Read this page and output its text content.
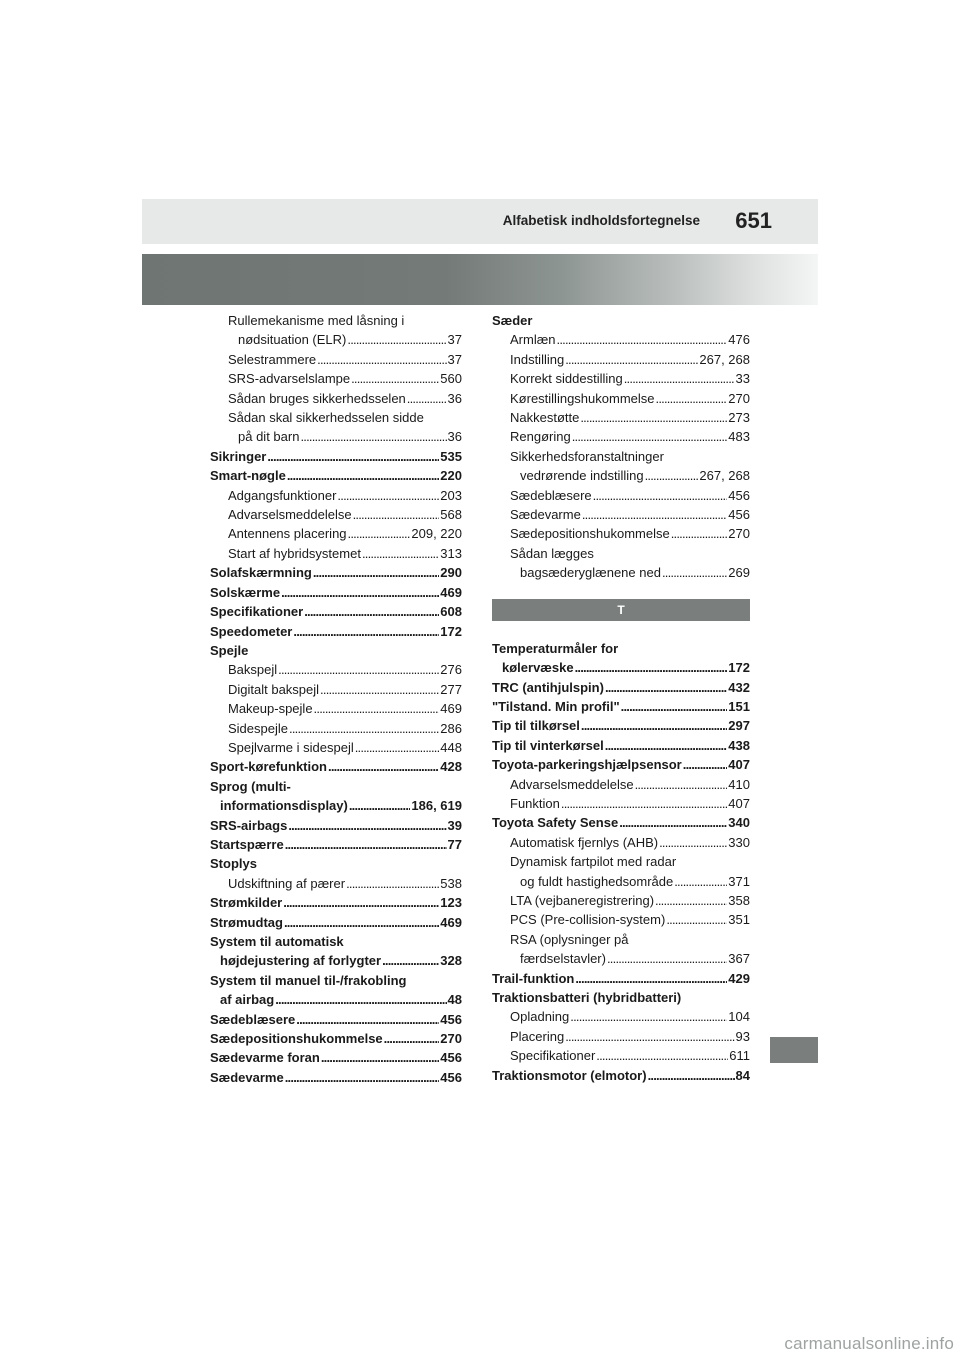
Alfabetisk indholdsfortegnelse 651
Rullemekanisme med låsning i
nødsituation (ELR) . . .	37
Selestrammere . . .	37
SRS-advarselslampe . . .	560
Sådan bruges sikkerhedsselen . . .	36
Sådan skal sikkerhedsselen sidde
på dit barn . . .	36
Sikringer . . .	535
Smart-nøgle . . .	220
Adgangsfunktioner . . .	203
Advarselsmeddelelse . . .	568
Antennens placering . . .	209, 220
Start af hybridsystemet . . .	313
Solafskærmning . . .	290
Solskærme . . .	469
Specifikationer . . .	608
Speedometer . . .	172
Spejle
Bakspejl . . .	276
Digitalt bakspejl . . .	277
Makeup-spejle . . .	469
Sidespejle . . .	286
Spejlvarme i sidespejl . . .	448
Sport-kørefunktion . . .	428
Sprog (multi-
informationsdisplay) . . .	186, 619
SRS-airbags . . .	39
Startspærre . . .	77
Stoplys
Udskiftning af pærer . . .	538
Strømkilder . . .	123
Strømudtag . . .	469
System til automatisk
højdejustering af forlygter . . .	328
System til manuel til-/frakobling
af airbag . . .	48
Sædeblæsere . . .	456
Sædepositionshukommelse . . .	270
Sædevarme foran . . .	456
Sædevarme . . .	456
Sæder
Armlæn . . .	476
Indstilling . . .	267, 268
Korrekt siddestilling . . .	33
Kørestillingshukommelse . . .	270
Nakkestøtte . . .	273
Rengøring . . .	483
Sikkerhedsforanstaltninger
vedrørende indstilling . . .	267, 268
Sædeblæsere . . .	456
Sædevarme . . .	456
Sædepositionshukommelse . . .	270
Sådan lægges
bagsæderyglænene ned . . .	269
T
Temperaturmåler for
kølervæske . . .	172
TRC (antihjulspin) . . .	432
"Tilstand. Min profil" . . .	151
Tip til tilkørsel . . .	297
Tip til vinterkørsel . . .	438
Toyota-parkeringshjælpsensor . . .	407
Advarselsmeddelelse . . .	410
Funktion . . .	407
Toyota Safety Sense . . .	340
Automatisk fjernlys (AHB) . . .	330
Dynamisk fartpilot med radar
og fuldt hastighedsområde . . .	371
LTA (vejbaneregistrering) . . .	358
PCS (Pre-collision-system) . . .	351
RSA (oplysninger på
færdselstavler) . . .	367
Trail-funktion . . .	429
Traktionsbatteri (hybridbatteri)
Opladning . . .	104
Placering . . .	93
Specifikationer . . .	611
Traktionsmotor (elmotor) . . .	84
carmanualsonline.info
